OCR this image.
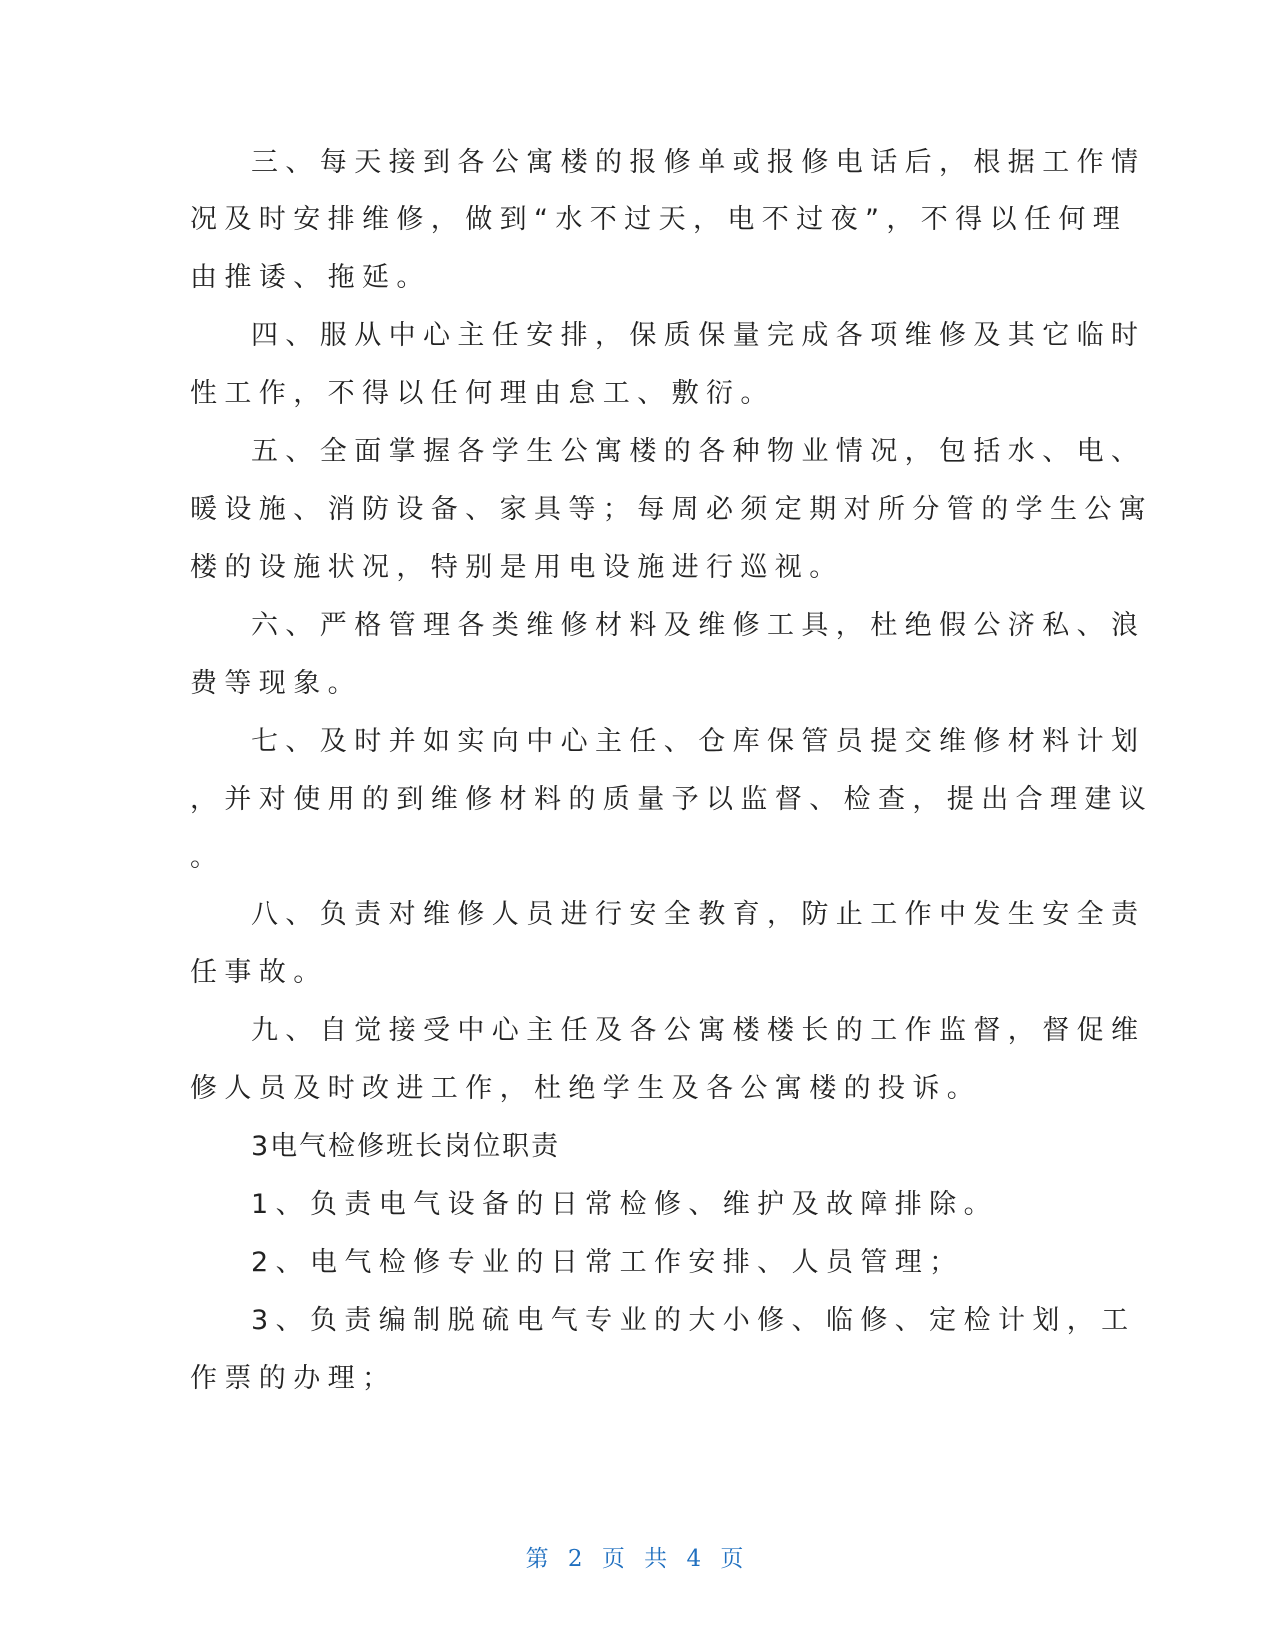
三、每天接到各公寓楼的报修单或报修电话后，根据工作情
况及时安排维修，做到“水不过天，电不过夜”，不得以任何理
由推诿、拖延。
四、服从中心主任安排，保质保量完成各项维修及其它临时
性工作，不得以任何理由怠工、敷衍。
五、全面掌握各学生公寓楼的各种物业情况，包括水、电、
暖设施、消防设备、家具等；每周必须定期对所分管的学生公寓
楼的设施状况，特别是用电设施进行巡视。
六、严格管理各类维修材料及维修工具，杜绝假公济私、浪
费等现象。
七、及时并如实向中心主任、仓库保管员提交维修材料计划
，并对使用的到维修材料的质量予以监督、检查，提出合理建议
。
八、负责对维修人员进行安全教育，防止工作中发生安全责
任事故。
九、自觉接受中心主任及各公寓楼楼长的工作监督，督促维
修人员及时改进工作，杜绝学生及各公寓楼的投诉。
3电气检修班长岗位职责
1、负责电气设备的日常检修、维护及故障排除。
2、电气检修专业的日常工作安排、人员管理；
3、负责编制脱硫电气专业的大小修、临修、定检计划，工
作票的办理；
第 2 页 共 4 页
